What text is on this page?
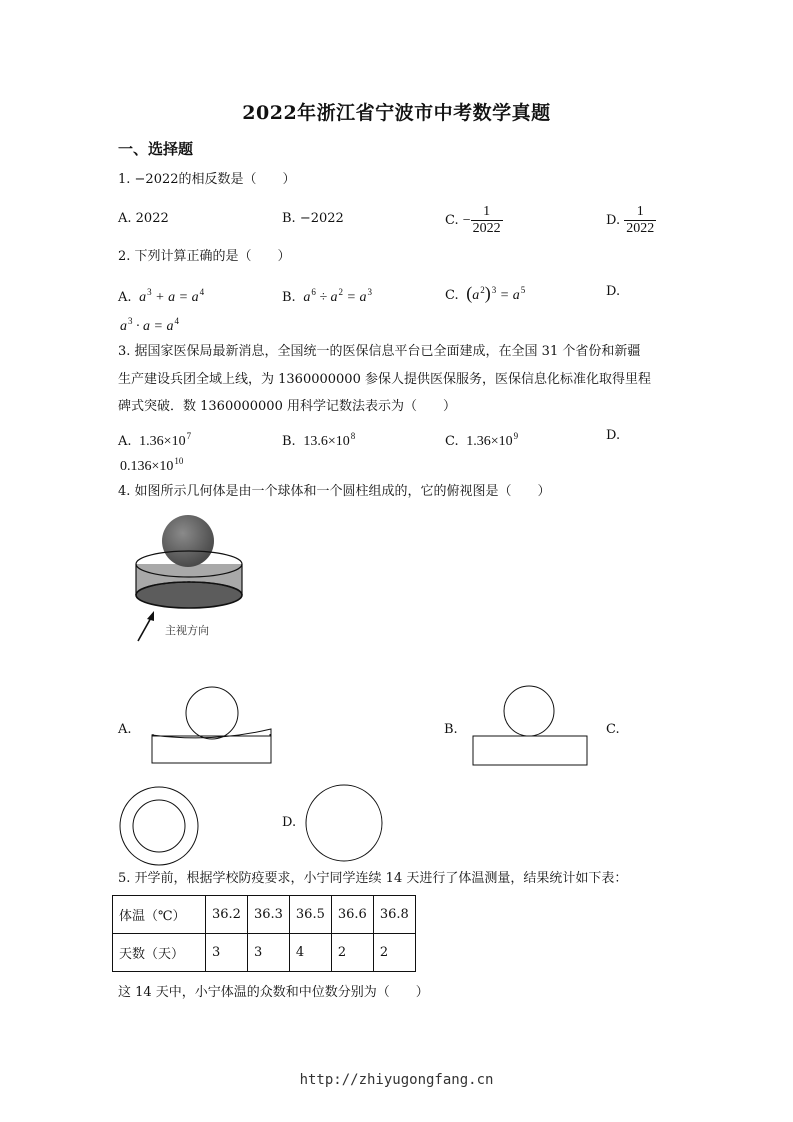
2022年浙江省宁波市中考数学真题
一、选择题
1. −2022的相反数是（　　）
A. 2022	B. −2022	C. − $\frac{1}{2022}$	D. $\frac{1}{2022}$
2. 下列计算正确的是（　　）
A.  $a^3 + a = a^4$	B.  $a^6 \div a^2 = a^3$	C. $(a^2)^3 = a^5$	D.
$a^3 \cdot a = a^4$
3. 据国家医保局最新消息，全国统一的医保信息平台已全面建成，在全国 31 个省份和新疆
生产建设兵团全域上线，为 1360000000 参保人提供医保服务，医保信息化标准化取得里程
碑式突破．数 1360000000 用科学记数法表示为（　　）
A. $1.36\times 10^7$	B. $13.6\times 10^8$	C. $1.36\times 10^9$	D.
$0.136\times 10^{10}$
4. 如图所示几何体是由一个球体和一个圆柱组成的，它的俯视图是（　　）
主视方向
A.	B.	C.
D.
5. 开学前，根据学校防疫要求，小宁同学连续 14 天进行了体温测量，结果统计如下表：
体温（℃）	36.2	36.3	36.5	36.6	36.8
天数（天）	3	3	4	2	2
这 14 天中，小宁体温的众数和中位数分别为（　　）
http://zhiyugongfang.cn
